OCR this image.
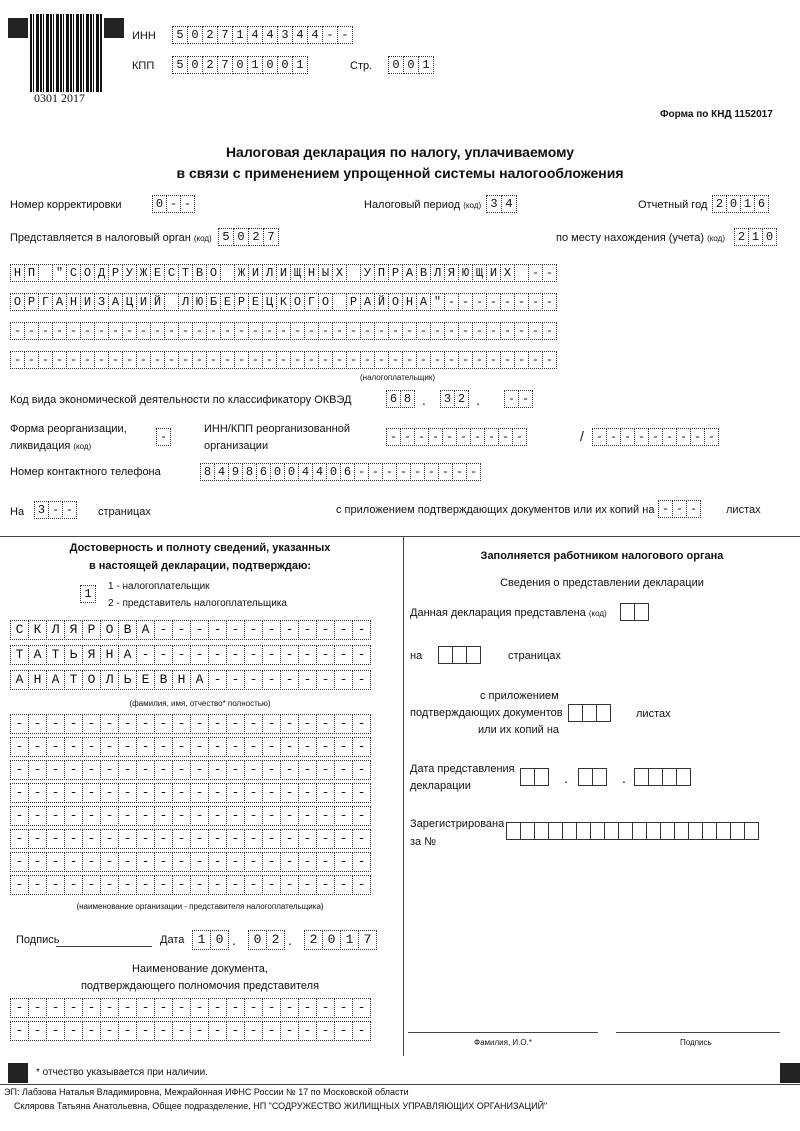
0301 2017
ИНН	5 0 2 7 1 4 4 3 4 4 - -
КПП	5 0 2 7 0 1 0 0 1	Стр.	0 0 1
Форма по КНД 1152017
Налоговая декларация по налогу, уплачиваемому
в связи с применением упрощенной системы налогообложения
Номер корректировки	0 - -	Налоговый период (код) 3 4	Отчетный год 2 0 1 6
Представляется в налоговый орган (код) 5 0 2 7	по месту нахождения (учета) (код)	2 1 0
Н П	" С О Д Р У Ж Е С Т В О	Ж И Л И Щ Н Ы Х	У П Р А В Л Я Ю Щ И Х	- -
О Р Г А Н И З А Ц И Й	Л Ю Б Е Р Е Ц К О Г О	Р А Й О Н А " - - - - - - - -
- - - - - - - - - - - - - - - - - - - - - - - - - - - - - - - - - - - - - - -
- - - - - - - - - - - - - - - - - - - - - - - - - - - - - - - - - - - - - - -
(налогоплательщик)
Код вида экономической деятельности по классификатору ОКВЭД	6 8 .	3 2 .	- -
Форма реорганизации,
ликвидация (код)
-
ИНН/КПП реорганизованной
организации
- - - - - - - - - -	/	- - - - - - - - -
Номер контактного телефона	8 4 9 8 6 0 0 4 4 0 6 - - - - - - - - -
На	3 - -	страницах	с приложением подтверждающих документов или их копий на - - -	листах
Достоверность и полноту сведений, указанных
в настоящей декларации, подтверждаю:
1
1 - налогоплательщик
2 - представитель налогоплательщика
С К Л Я Р О В А - - - - - - - - - - - -
Т А Т Ь Я Н А - - - - - - - - - - - - -
А Н А Т О Л Ь Е В Н А - - - - - - - - -
(фамилия, имя, отчество* полностью)
- - - - - - - - - - - - - - - - - - - -
- - - - - - - - - - - - - - - - - - - -
- - - - - - - - - - - - - - - - - - - -
- - - - - - - - - - - - - - - - - - - -
- - - - - - - - - - - - - - - - - - - -
- - - - - - - - - - - - - - - - - - - -
- - - - - - - - - - - - - - - - - - - -
- - - - - - - - - - - - - - - - - - - -
(наименование организации - представителя налогоплательщика)
Подпись	Дата	1 0 .	0 2 .	2 0 1 7
Наименование документа,
подтверждающего полномочия представителя
- - - - - - - - - - - - - - - - - - - -
- - - - - - - - - - - - - - - - - - - -
* отчество указывается при наличии.
Заполняется работником налогового органа
Сведения о представлении декларации
Данная декларация представлена (код)
на	страницах
с приложением
подтверждающих документов
или их копий на
листах
Дата представления
декларации	.	.
Зарегистрирована
за №
Фамилия, И.О.*	Подпись
ЭП: Лабзова Наталья Владимировна, Межрайонная ИФНС России № 17 по Московской области
Склярова Татьяна Анатольевна, Общее подразделение, НП "СОДРУЖЕСТВО ЖИЛИЩНЫХ УПРАВЛЯЮЩИХ ОРГАНИЗАЦИЙ"
